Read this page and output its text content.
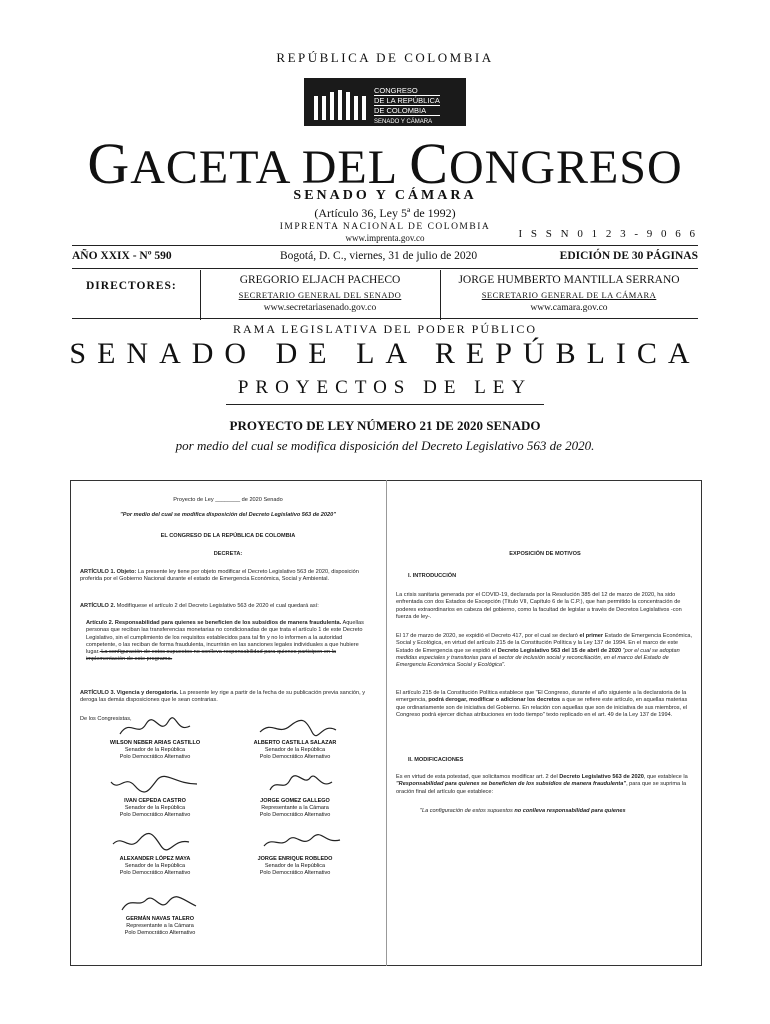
REPÚBLICA DE COLOMBIA
CONGRESO
DE LA REPÚBLICA
DE COLOMBIA
SENADO Y CÁMARA
GACETA DEL CONGRESO
SENADO Y CÁMARA
(Artículo 36, Ley 5ª de 1992)
IMPRENTA NACIONAL DE COLOMBIA
www.imprenta.gov.co	I S S N 0 1 2 3 - 9 0 6 6
AÑO XXIX - Nº 590	Bogotá, D. C., viernes, 31 de julio de 2020	EDICIÓN DE 30 PÁGINAS
DIRECTORES:	GREGORIO ELJACH PACHECO
SECRETARIO GENERAL DEL SENADO
www.secretariasenado.gov.co
JORGE HUMBERTO MANTILLA SERRANO
SECRETARIO GENERAL DE LA CÁMARA
www.camara.gov.co
RAMA LEGISLATIVA DEL PODER PÚBLICO
SENADO DE LA REPÚBLICA
PROYECTOS DE LEY
PROYECTO DE LEY NÚMERO 21 DE 2020 SENADO
por medio del cual se modifica disposición del Decreto Legislativo 563 de 2020.
Proyecto de Ley ________ de 2020 Senado
"Por medio del cual se modifica disposición del Decreto Legislativo 563 de 2020"
EL CONGRESO DE LA REPÚBLICA DE COLOMBIA
DECRETA:

ARTÍCULO 1. Objeto: La presente ley tiene por objeto modificar el Decreto Legislativo 563 de 2020, disposición proferida por el Gobierno Nacional durante el estado de Emergencia Económica, Social y Ambiental.

ARTÍCULO 2. Modifíquese el artículo 2 del Decreto Legislativo 563 de 2020 el cual quedará así:

Artículo 2. Responsabilidad para quienes se beneficien de los subsidios de manera fraudulenta. Aquellas personas que reciban las transferencias monetarias no condicionadas de que trata el artículo 1 de este Decreto Legislativo, sin el cumplimiento de los requisitos establecidos para tal fin y no lo informen a la autoridad competente, o las reciban de forma fraudulenta, incurrirán en las sanciones legales individuales a que hubiere lugar. La configuración de estos supuestos no conlleva responsabilidad para quienes participen en la implementación de este programa.

ARTÍCULO 3. Vigencia y derogatoria. La presente ley rige a partir de la fecha de su publicación previa sanción, y deroga las demás disposiciones que le sean contrarias.

De los Congresistas,
WILSON NEBER ARIAS CASTILLO
Senador de la República
Polo Democrático Alternativo
ALBERTO CASTILLA SALAZAR
Senador de la República
Polo Democrático Alternativo
IVAN CEPEDA CASTRO
Senador de la República
Polo Democrático Alternativo
JORGE GOMEZ GALLEGO
Representante a la Cámara
Polo Democrático Alternativo
ALEXANDER LÓPEZ MAYA
Senador de la República
Polo Democrático Alternativo
JORGE ENRIQUE ROBLEDO
Senador de la República
Polo Democrático Alternativo
GERMÁN NAVAS TALERO
Representante a la Cámara
Polo Democrático Alternativo
EXPOSICIÓN DE MOTIVOS
I. INTRODUCCIÓN
La crisis sanitaria generada por el COVID-19, declarada por la Resolución 385 del 12 de marzo de 2020, ha sido enfrentada con dos Estados de Excepción (Título VII, Capítulo 6 de la C.P.), que han permitido la concentración de poderes extraordinarios en cabeza del gobierno, como la facultad de legislar a través de Decretos Legislativos -con fuerza de ley-.

El 17 de marzo de 2020, se expidió el Decreto 417, por el cual se declaró el primer Estado de Emergencia Económica, Social y Ecológica, en virtud del artículo 215 de la Constitución Política y la Ley 137 de 1994. En el marco de este Estado de Emergencia que se expidió el Decreto Legislativo 563 del 15 de abril de 2020 "por el cual se adoptan medidas especiales y transitorias para el sector de inclusión social y reconciliación, en el marco del Estado de Emergencia Económica Social y Ecológica".

El artículo 215 de la Constitución Política establece que "El Congreso, durante el año siguiente a la declaratoria de la emergencia, podrá derogar, modificar o adicionar los decretos a que se refiere este artículo, en aquellas materias que ordinariamente son de iniciativa del Gobierno. En relación con aquellas que son de iniciativa de sus miembros, el Congreso podrá ejercer dichas atribuciones en todo tiempo" texto replicado en el art. 49 de la Ley 137 de 1994.

II. MODIFICACIONES

Es en virtud de esta potestad, que solicitamos modificar art. 2 del Decreto Legislativo 563 de 2020, que establece la "Responsabilidad para quienes se beneficien de los subsidios de manera fraudulenta", para que se suprima la oración final del artículo que establece:

"La configuración de estos supuestos no conlleva responsabilidad para quienes
